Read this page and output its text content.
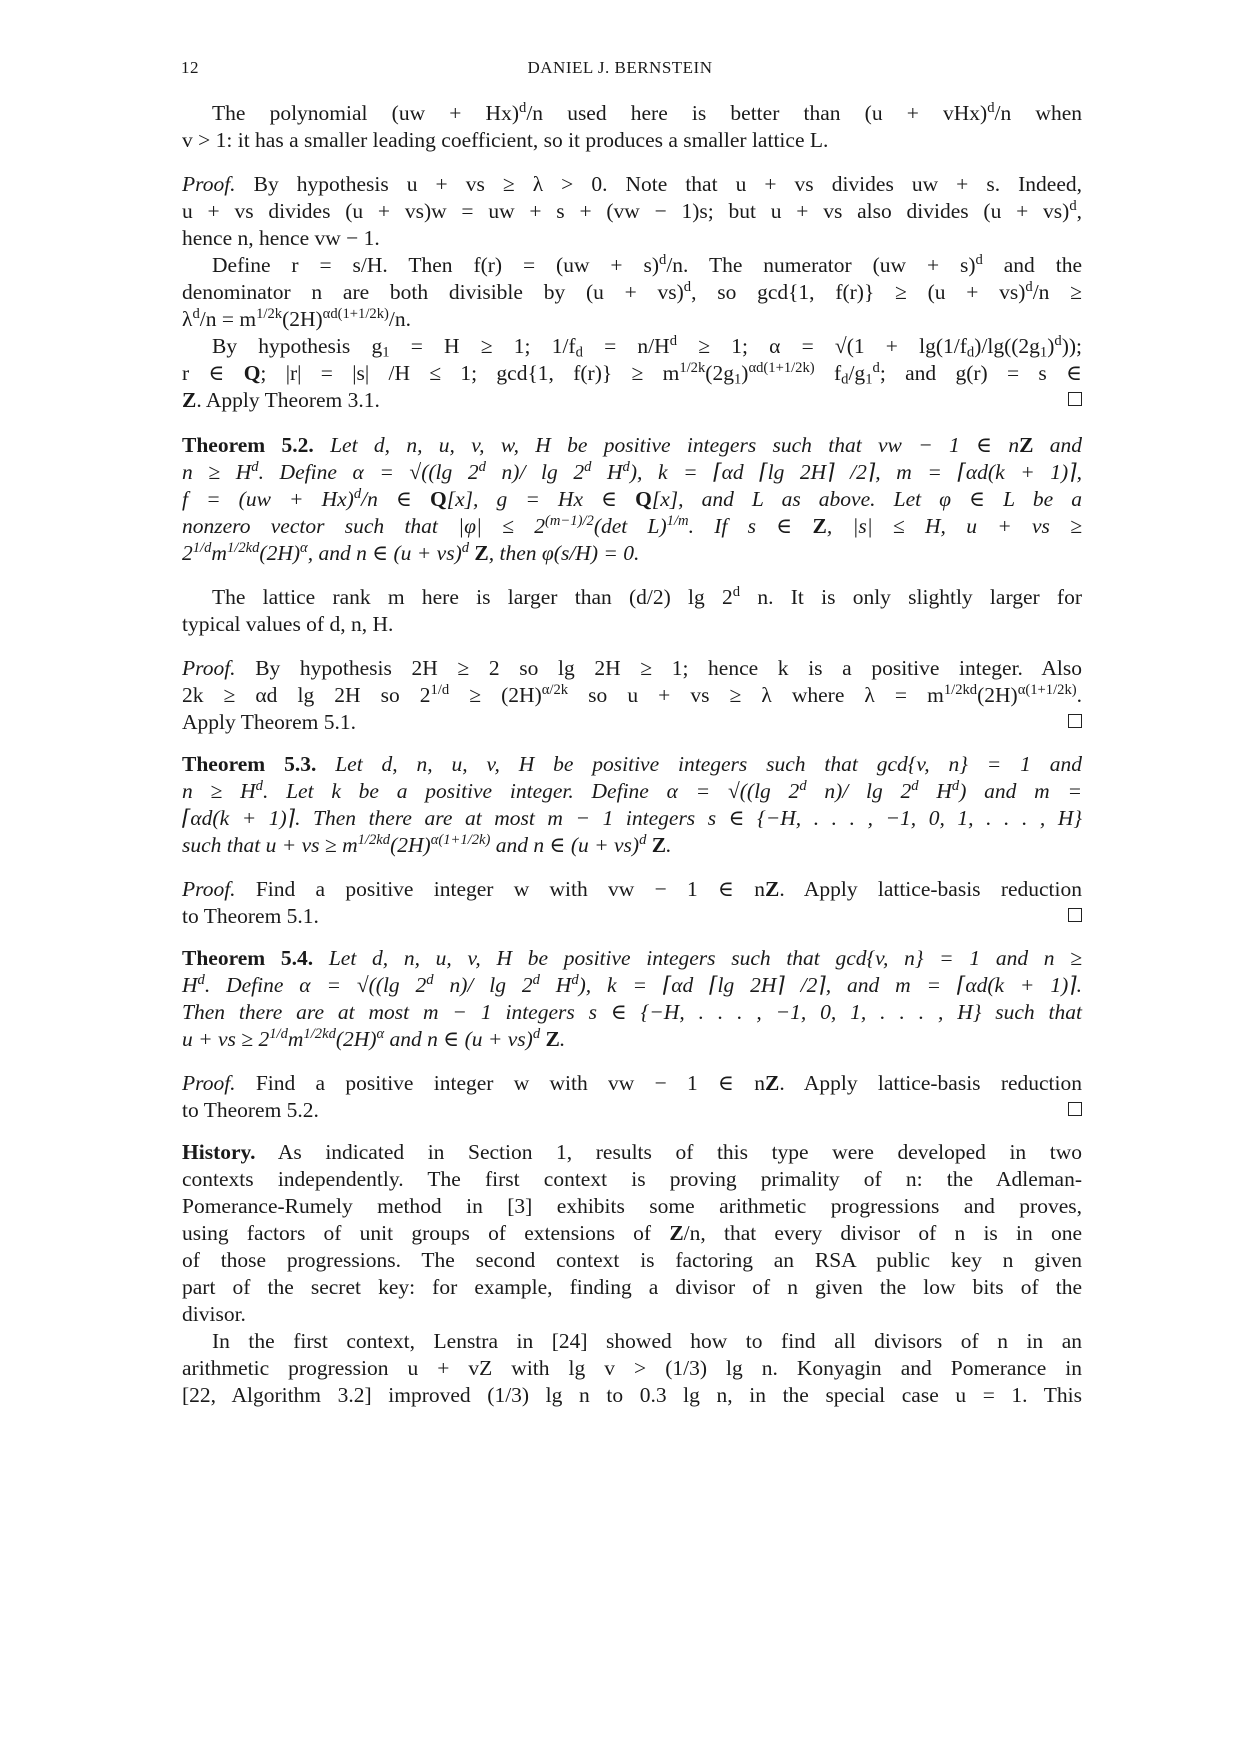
12	DANIEL J. BERNSTEIN
The polynomial (uw + Hx)$^d$/n used here is better than (u + vHx)$^d$/n when
v > 1: it has a smaller leading coefficient, so it produces a smaller lattice L.
Proof. By hypothesis u + vs ≥ λ > 0. Note that u + vs divides uw + s. Indeed,
u + vs divides (u + vs)w = uw + s + (vw − 1)s; but u + vs also divides (u + vs)$^d$,
hence n, hence vw − 1.
Define r = s/H. Then f(r) = (uw + s)$^d$/n. The numerator (uw + s)$^d$ and the
denominator n are both divisible by (u + vs)$^d$, so gcd{1, f(r)} ≥ (u + vs)$^d$/n ≥
$\lambda^d/n = m^{1/2k}(2H)^{\alpha d(1+1/2k)}/n$.
By hypothesis $g_1 = H \ge 1$; $1/f_d = n/H^d \ge 1$; $\alpha = √(1 + \lg(1/f_d)/\lg((2g_1)^d))$;
r ∈ Q; |r| = |s| /H ≤ 1; gcd{1, $f(r)\} \ge m^{1/2k}(2g_1)^{\alpha d(1+1/2k)}$ $f_d/g_1^d$; and g(r) = s ∈
Z. Apply Theorem 3.1.
Theorem 5.2. Let d, n, u, v, w, H be positive integers such that vw − 1 ∈ nZ and
$n \ge H^d$. Define α = √((lg 2$^d$ n)/ lg 2$^d$ $H^d$), k = ⌈αd ⌈lg 2H⌉ /2⌉, m = ⌈αd(k + 1)⌉,
f = (uw + Hx)$^d$/n ∈ Q[x], g = Hx ∈ Q[x], and L as above. Let φ ∈ L be a
nonzero vector such that $|\varphi| \le 2^{(m-1)/2}(\det$ L)$^{1/m}$. If s ∈ Z, |s| ≤ H, u + vs ≥
$2^{1/d}m^{1/2kd}(2H)^\alpha$, and n ∈ (u + vs)$^d$ Z, then φ(s/H) = 0.
The lattice rank m here is larger than (d/2) lg 2$^d$ n. It is only slightly larger for
typical values of d, n, H.
Proof. By hypothesis 2H ≥ 2 so lg 2H ≥ 1; hence k is a positive integer. Also
2k ≥ αd lg 2H so $2^{1/d} \ge (2H)^{\alpha/2k}$ so u + vs ≥ λ where $\lambda = m^{1/2kd}(2H)^{\alpha(1+1/2k)}$.
Apply Theorem 5.1.
Theorem 5.3. Let d, n, u, v, H be positive integers such that gcd{v, n} = 1 and
$n \ge H^d$. Let k be a positive integer. Define α = √((lg 2$^d$ n)/ lg 2$^d$ $H^d$) and m =
⌈αd(k + 1)⌉. Then there are at most m − 1 integers s ∈ {−H, . . . , −1, 0, 1, . . . , H}
such that u + vs ≥ $m^{1/2kd}(2H)^{\alpha(1+1/2k)}$ and n ∈ (u + vs)$^d$ Z.
Proof. Find a positive integer w with vw − 1 ∈ nZ. Apply lattice-basis reduction
to Theorem 5.1.
Theorem 5.4. Let d, n, u, v, H be positive integers such that gcd{v, n} = 1 and n ≥
$H^d$. Define α = √((lg 2$^d$ n)/ lg 2$^d$ $H^d$), k = ⌈αd ⌈lg 2H⌉ /2⌉, and m = ⌈αd(k + 1)⌉.
Then there are at most m − 1 integers s ∈ {−H, . . . , −1, 0, 1, . . . , H} such that
u + vs ≥ $2^{1/d}m^{1/2kd}(2H)^\alpha$ and n ∈ (u + vs)$^d$ Z.
Proof. Find a positive integer w with vw − 1 ∈ nZ. Apply lattice-basis reduction
to Theorem 5.2.
History. As indicated in Section 1, results of this type were developed in two
contexts independently. The first context is proving primality of n: the Adleman-
Pomerance-Rumely method in [3] exhibits some arithmetic progressions and proves,
using factors of unit groups of extensions of Z/n, that every divisor of n is in one
of those progressions. The second context is factoring an RSA public key n given
part of the secret key: for example, finding a divisor of n given the low bits of the
divisor.
In the first context, Lenstra in [24] showed how to find all divisors of n in an
arithmetic progression u + vZ with lg v > (1/3) lg n. Konyagin and Pomerance in
[22, Algorithm 3.2] improved (1/3) lg n to 0.3 lg n, in the special case u = 1. This
